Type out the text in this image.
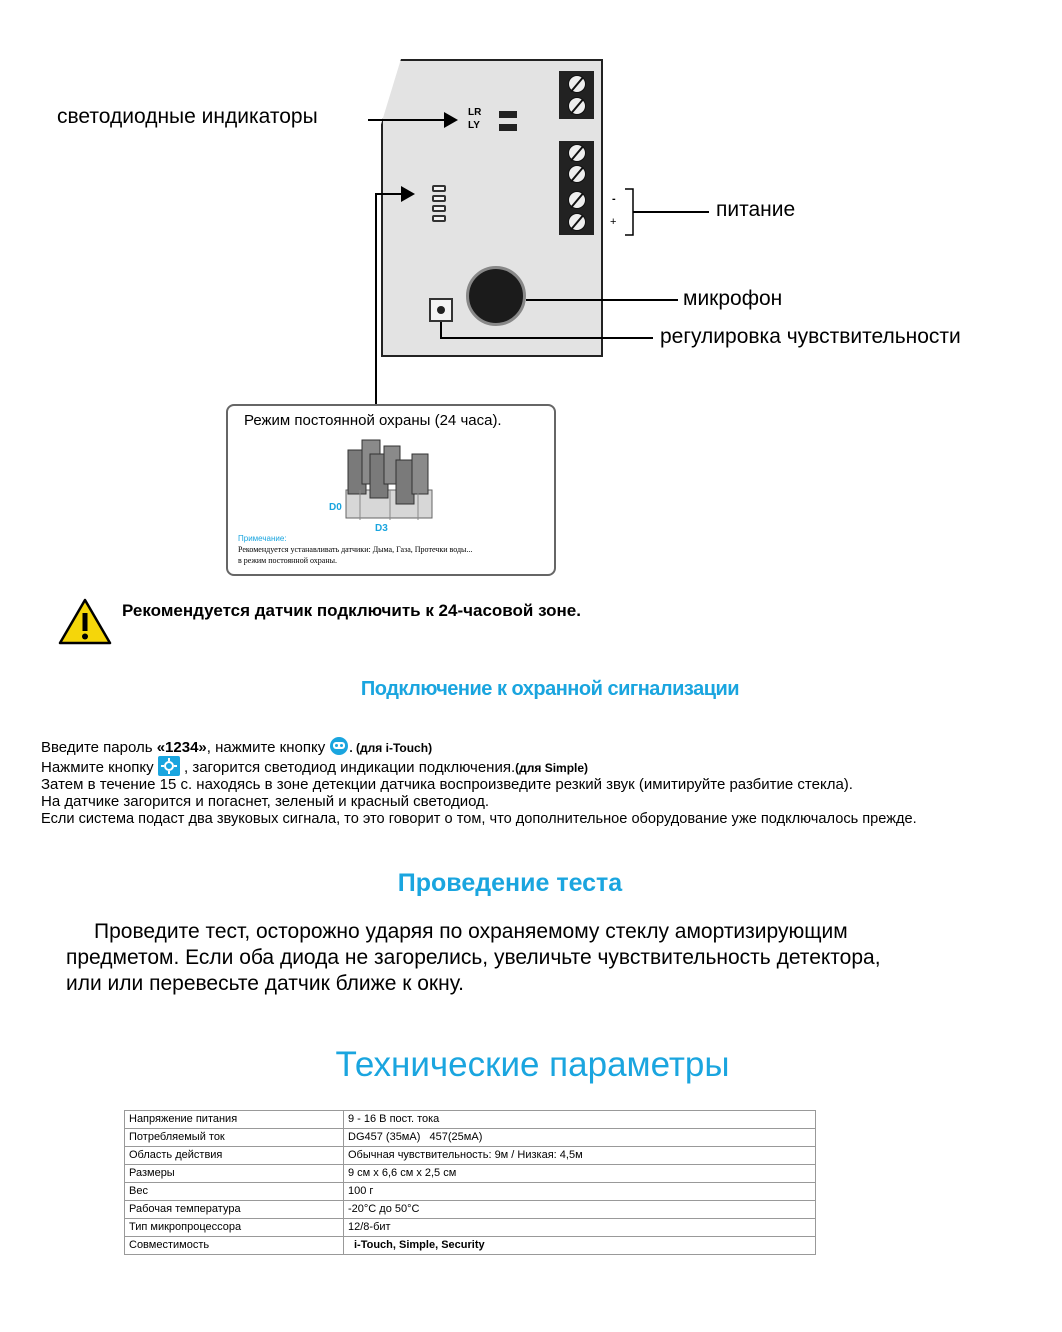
LR
LY
светодиодные индикаторы
-
+
питание
микрофон
регулировка чувствительности
Режим постоянной охраны (24 часа).
D0
D3
Примечание:
Рекомендуется устанавливать датчики: Дыма, Газа, Протечки воды...
в режим постоянной охраны.
Рекомендуется датчик подключить к 24-часовой зоне.
Подключение к охранной сигнализации
Введите пароль «1234», нажмите кнопку . (для i-Touch)
Нажмите кнопку  , загорится светодиод индикации подключения.(для Simple)
Затем в течение 15 с. находясь в зоне детекции датчика воспроизведите резкий звук (имитируйте разбитие стекла).
На датчике загорится и погаснет, зеленый и красный светодиод.
Если система подаст два звуковых сигнала, то это говорит о том, что дополнительное оборудование уже подключалось прежде.
Проведение теста
Проведите тест, осторожно ударяя по охраняемому стеклу амортизирующим
предметом. Если оба диода не загорелись, увеличьте чувствительность детектора,
или или перевесьте датчик ближе к окну.
Технические параметры
Напряжение питания	9 - 16 В пост. тока
Потребляемый ток	DG457 (35мА)   457(25мА)
Область действия	Обычная чувствительность: 9м / Низкая: 4,5м
Размеры	9 см x 6,6 см x 2,5 см
Вес	100 г
Рабочая температура	-20°C до 50°C
Тип микропроцессора	12/8-бит
Совместимость	i-Touch, Simple, Security
